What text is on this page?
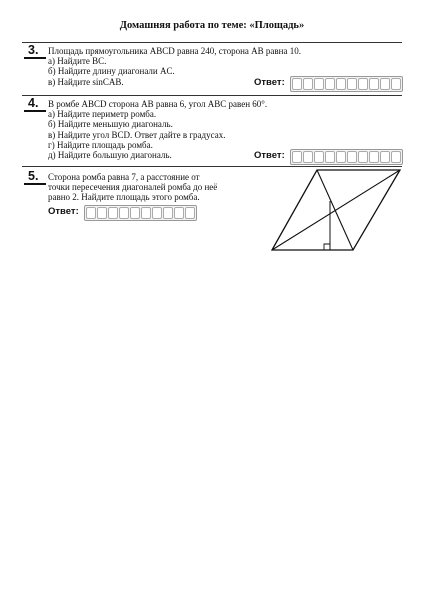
Домашняя работа по теме: «Площадь»
3. Площадь прямоугольника ABCD равна 240, сторона AB равна 10.
а) Найдите BC.
б) Найдите длину диагонали AC.
в) Найдите sinCAB.	Ответ:
4. В ромбе ABCD сторона AB равна 6, угол ABC равен 60°.
а) Найдите периметр ромба.
б) Найдите меньшую диагональ.
в) Найдите угол BCD. Ответ дайте в градусах.
г) Найдите площадь ромба.
д) Найдите большую диагональ.	Ответ:
5. Сторона ромба равна 7, а расстояние от
точки пересечения диагоналей ромба до неё
равно 2. Найдите площадь этого ромба.
Ответ:
